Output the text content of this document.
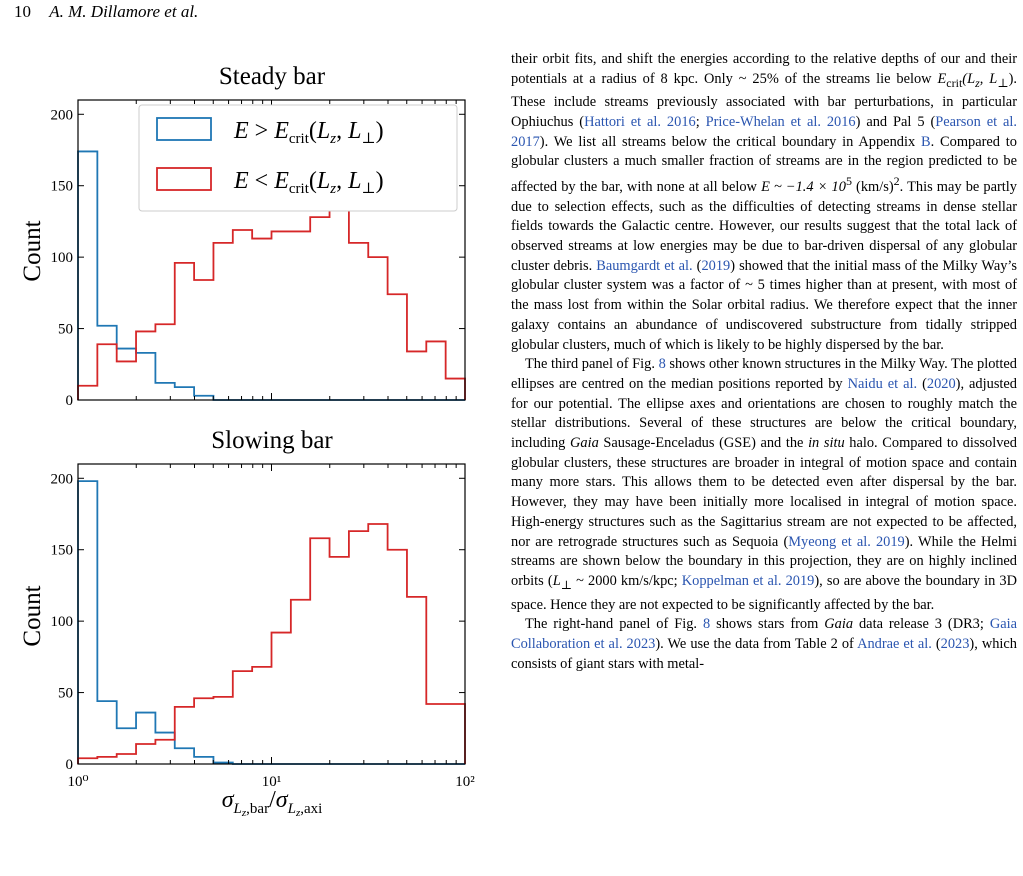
10 A. M. Dillamore et al.
Steady bar
Count
0
50
100
150
200
$E > E_{crit}(L_z$, $L_\perp$)
$E < E_{crit}(L_z$, $L_\perp$)
Slowing bar
Count
0
50
100
150
200
10⁰	10¹	10²
$\sigma_Lz,bar/\sigma_Lz,axi$

their orbit fits, and shift the energies according to the relative depths of our and their potentials at a radius of 8 kpc. Only ~ 25% of the streams lie below $E_{crit}(L_z$, $L_\perp$). These include streams previously associated with bar perturbations, in particular Ophiuchus (Hattori et al. 2016; Price-Whelan et al. 2016) and Pal 5 (Pearson et al. 2017). We list all streams below the critical boundary in Appendix B. Compared to globular clusters a much smaller fraction of streams are in the region predicted to be affected by the bar, with none at all below E ~ $-1.4 \times 10^5$ $(km/s)^2$. This may be partly due to selection effects, such as the difficulties of detecting streams in dense stellar fields towards the Galactic centre. However, our results suggest that the total lack of observed streams at low energies may be due to bar-driven dispersal of any globular cluster debris. Baumgardt et al. (2019) showed that the initial mass of the Milky Way’s globular cluster system was a factor of ~ 5 times higher than at present, with most of the mass lost from within the Solar orbital radius. We therefore expect that the inner galaxy contains an abundance of undiscovered substructure from tidally stripped globular clusters, much of which is likely to be highly dispersed by the bar.

The third panel of Fig. 8 shows other known structures in the Milky Way. The plotted ellipses are centred on the median positions reported by Naidu et al. (2020), adjusted for our potential. The ellipse axes and orientations are chosen to roughly match the stellar distributions. Several of these structures are below the critical boundary, including Gaia Sausage-Enceladus (GSE) and the in situ halo. Compared to dissolved globular clusters, these structures are broader in integral of motion space and contain many more stars. This allows them to be detected even after dispersal by the bar. However, they may have been initially more localised in integral of motion space. High-energy structures such as the Sagittarius stream are not expected to be affected, nor are retrograde structures such as Sequoia (Myeong et al. 2019). While the Helmi streams are shown below the boundary in this projection, they are on highly inclined orbits ($L_\perp$ ~ 2000 km/s/kpc; Koppelman et al. 2019), so are above the boundary in 3D space. Hence they are not expected to be significantly affected by the bar.

The right-hand panel of Fig. 8 shows stars from Gaia data release 3 (DR3; Gaia Collaboration et al. 2023). We use the data from Table 2 of Andrae et al. (2023), which consists of giant stars with metal-
